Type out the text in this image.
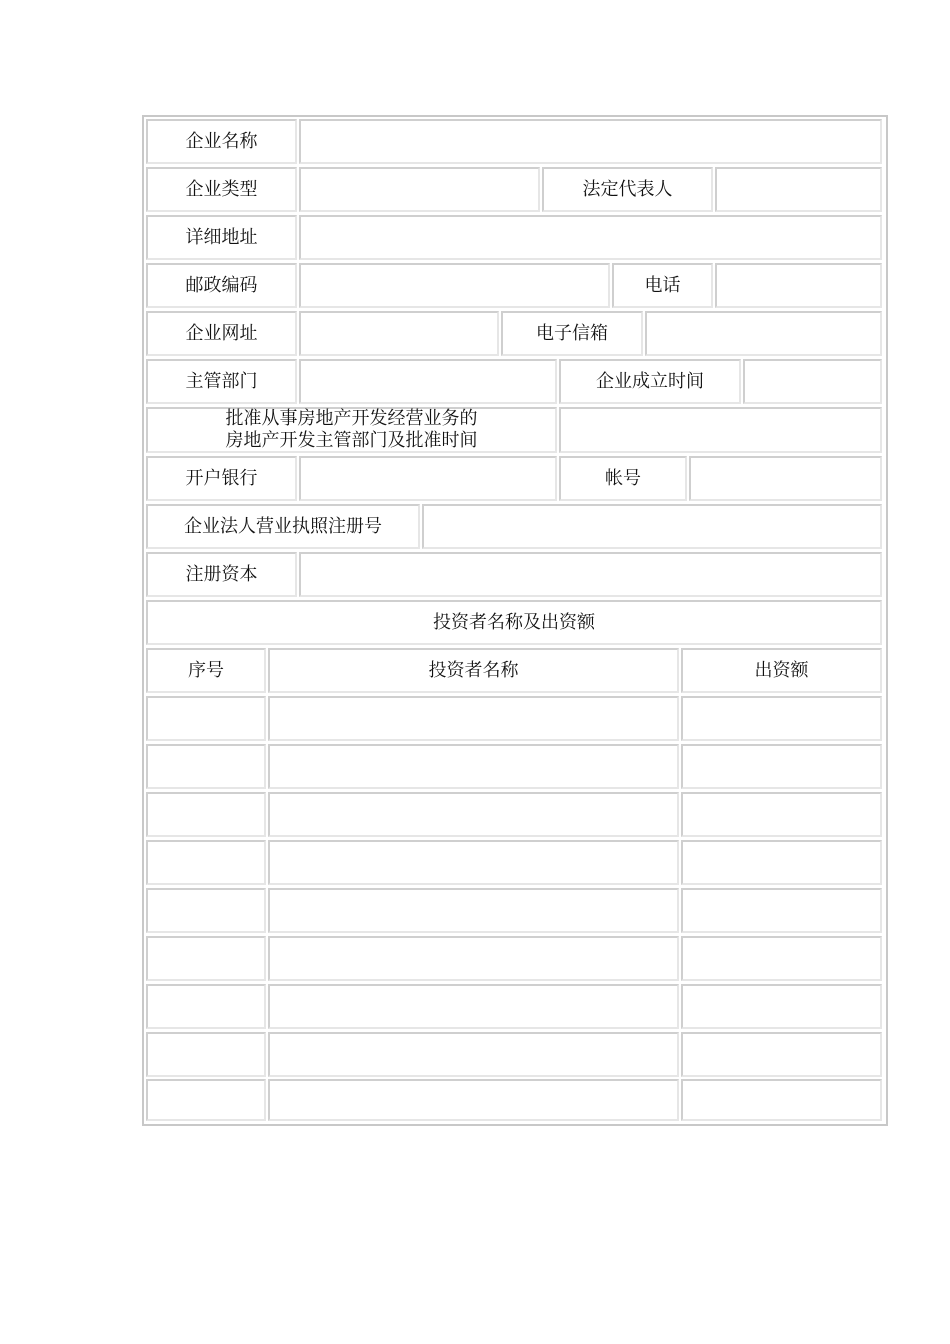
企业名称
企业类型	法定代表人
详细地址
邮政编码	电话
企业网址	电子信箱
主管部门	企业成立时间
批准从事房地产开发经营业务的
房地产开发主管部门及批准时间
开户银行	帐号
企业法人营业执照注册号
注册资本
投资者名称及出资额
序号	投资者名称	出资额
